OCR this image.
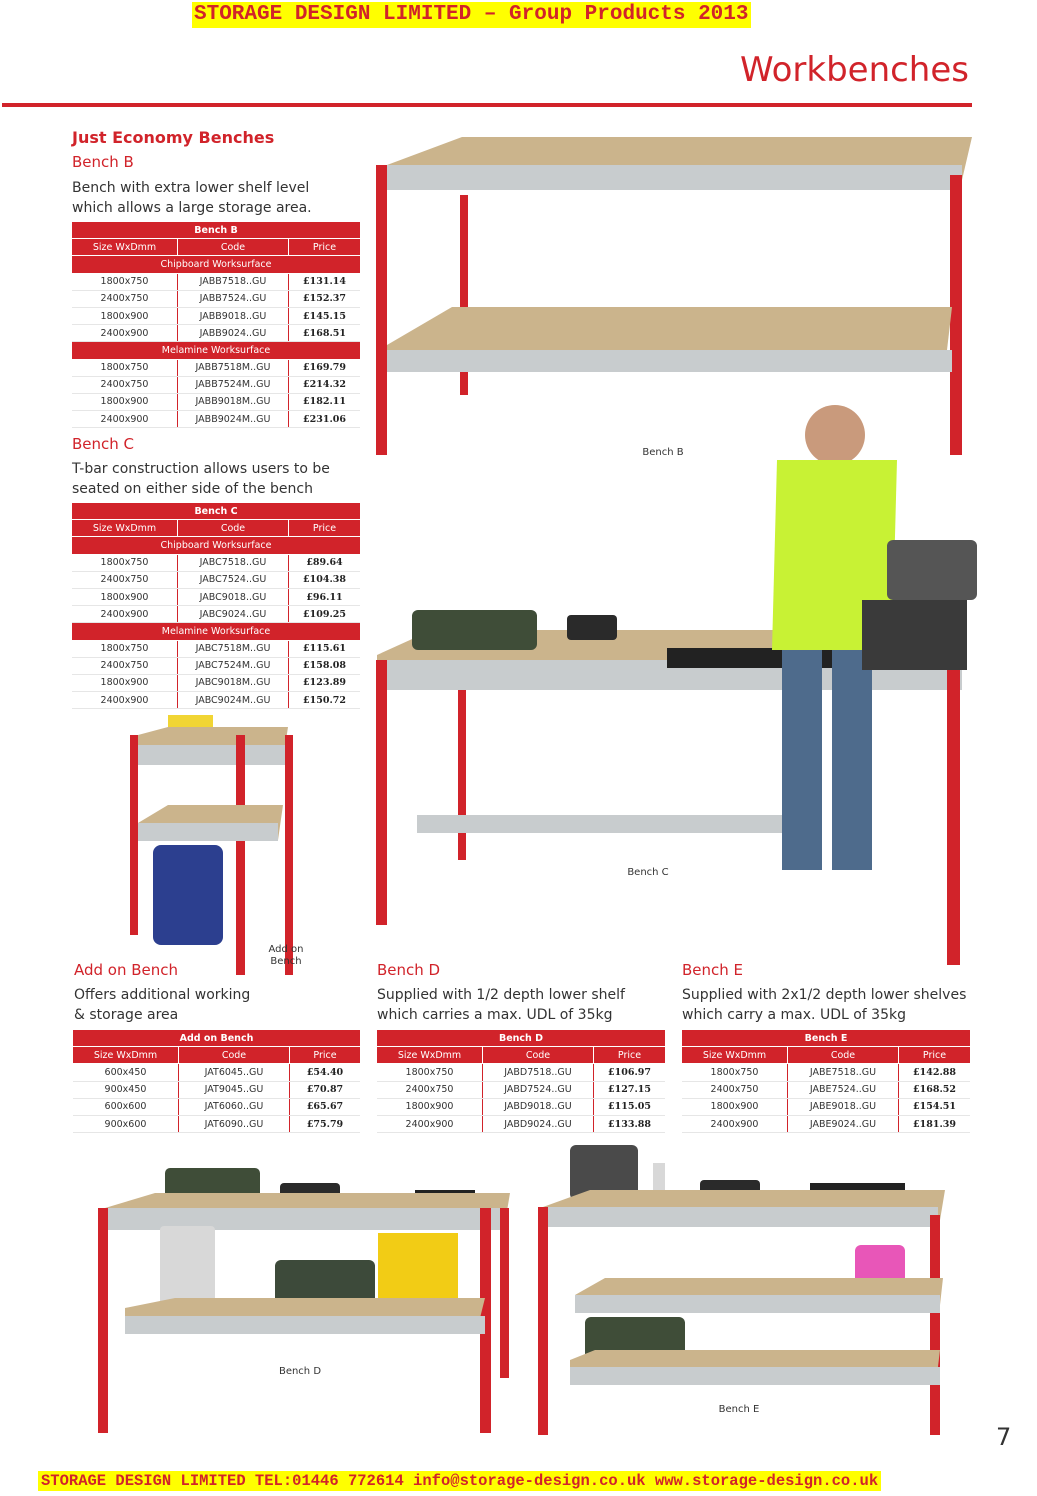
STORAGE DESIGN LIMITED – Group Products 2013
Workbenches
Just Economy Benches
Bench B
Bench with extra lower shelf level
which allows a large storage area.
Bench B		
Size WxDmm	Code	Price
Chipboard Worksurface		
1800x750	JABB7518..GU	£131.14
2400x750	JABB7524..GU	£152.37
1800x900	JABB9018..GU	£145.15
2400x900	JABB9024..GU	£168.51
Melamine Worksurface		
1800x750	JABB7518M..GU	£169.79
2400x750	JABB7524M..GU	£214.32
1800x900	JABB9018M..GU	£182.11
2400x900	JABB9024M..GU	£231.06
Bench C
T-bar construction allows users to be
seated on either side of the bench
Bench C		
Size WxDmm	Code	Price
Chipboard Worksurface		
1800x750	JABC7518..GU	£89.64
2400x750	JABC7524..GU	£104.38
1800x900	JABC9018..GU	£96.11
2400x900	JABC9024..GU	£109.25
Melamine Worksurface		
1800x750	JABC7518M..GU	£115.61
2400x750	JABC7524M..GU	£158.08
1800x900	JABC9018M..GU	£123.89
2400x900	JABC9024M..GU	£150.72
Bench B
Bench C
Add on
Bench
Add on Bench
Offers additional working
& storage area
Add on Bench		
Size WxDmm	Code	Price
600x450	JAT6045..GU	£54.40
900x450	JAT9045..GU	£70.87
600x600	JAT6060..GU	£65.67
900x600	JAT6090..GU	£75.79
Bench D
Supplied with 1/2 depth lower shelf
which carries a max. UDL of 35kg
Bench D		
Size WxDmm	Code	Price
1800x750	JABD7518..GU	£106.97
2400x750	JABD7524..GU	£127.15
1800x900	JABD9018..GU	£115.05
2400x900	JABD9024..GU	£133.88
Bench E
Supplied with 2x1/2 depth lower shelves
which carry a max. UDL of 35kg
Bench E		
Size WxDmm	Code	Price
1800x750	JABE7518..GU	£142.88
2400x750	JABE7524..GU	£168.52
1800x900	JABE9018..GU	£154.51
2400x900	JABE9024..GU	£181.39
Bench D
Bench E
7
STORAGE DESIGN LIMITED TEL:01446 772614 info@storage-design.co.uk www.storage-design.co.uk
